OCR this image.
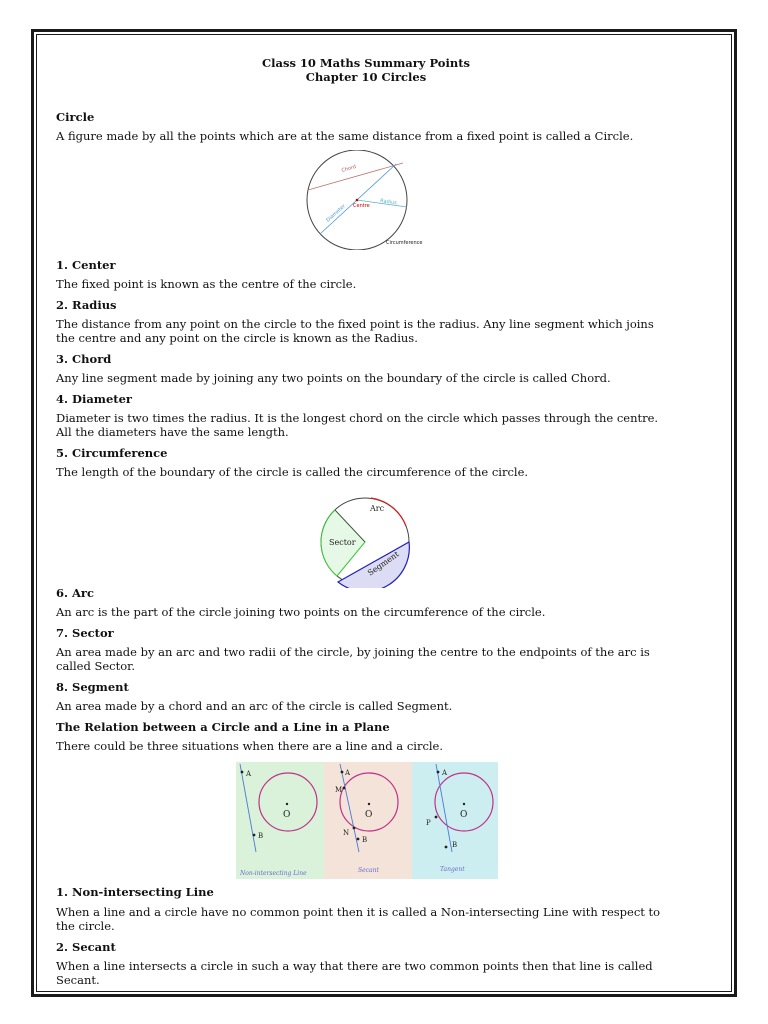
Class 10 Maths Summary Points

Chapter 10 Circles

Circle

A figure made by all the points which are at the same distance from a fixed point is called a Circle.

Chord
Diameter Centre Radius
Circumference

1. Center

The fixed point is known as the centre of the circle.

2. Radius

The distance from any point on the circle to the fixed point is the radius. Any line segment which joins the centre and any point on the circle is known as the Radius.

3. Chord

Any line segment made by joining any two points on the boundary of the circle is called Chord.

4. Diameter

Diameter is two times the radius. It is the longest chord on the circle which passes through the centre. All the diameters have the same length.

5. Circumference

The length of the boundary of the circle is called the circumference of the circle.

Arc
Sector
Segment

6. Arc

An arc is the part of the circle joining two points on the circumference of the circle.

7. Sector

An area made by an arc and two radii of the circle, by joining the centre to the endpoints of the arc is called Sector.

8. Segment

An area made by a chord and an arc of the circle is called Segment.

The Relation between a Circle and a Line in a Plane

There could be three situations when there are a line and a circle.

A
B
O
Non-intersecting Line
A
M
N
B
O
Secant
A
P
B
O
Tangent

1. Non-intersecting Line

When a line and a circle have no common point then it is called a Non-intersecting Line with respect to the circle.

2. Secant

When a line intersects a circle in such a way that there are two common points then that line is called Secant.
